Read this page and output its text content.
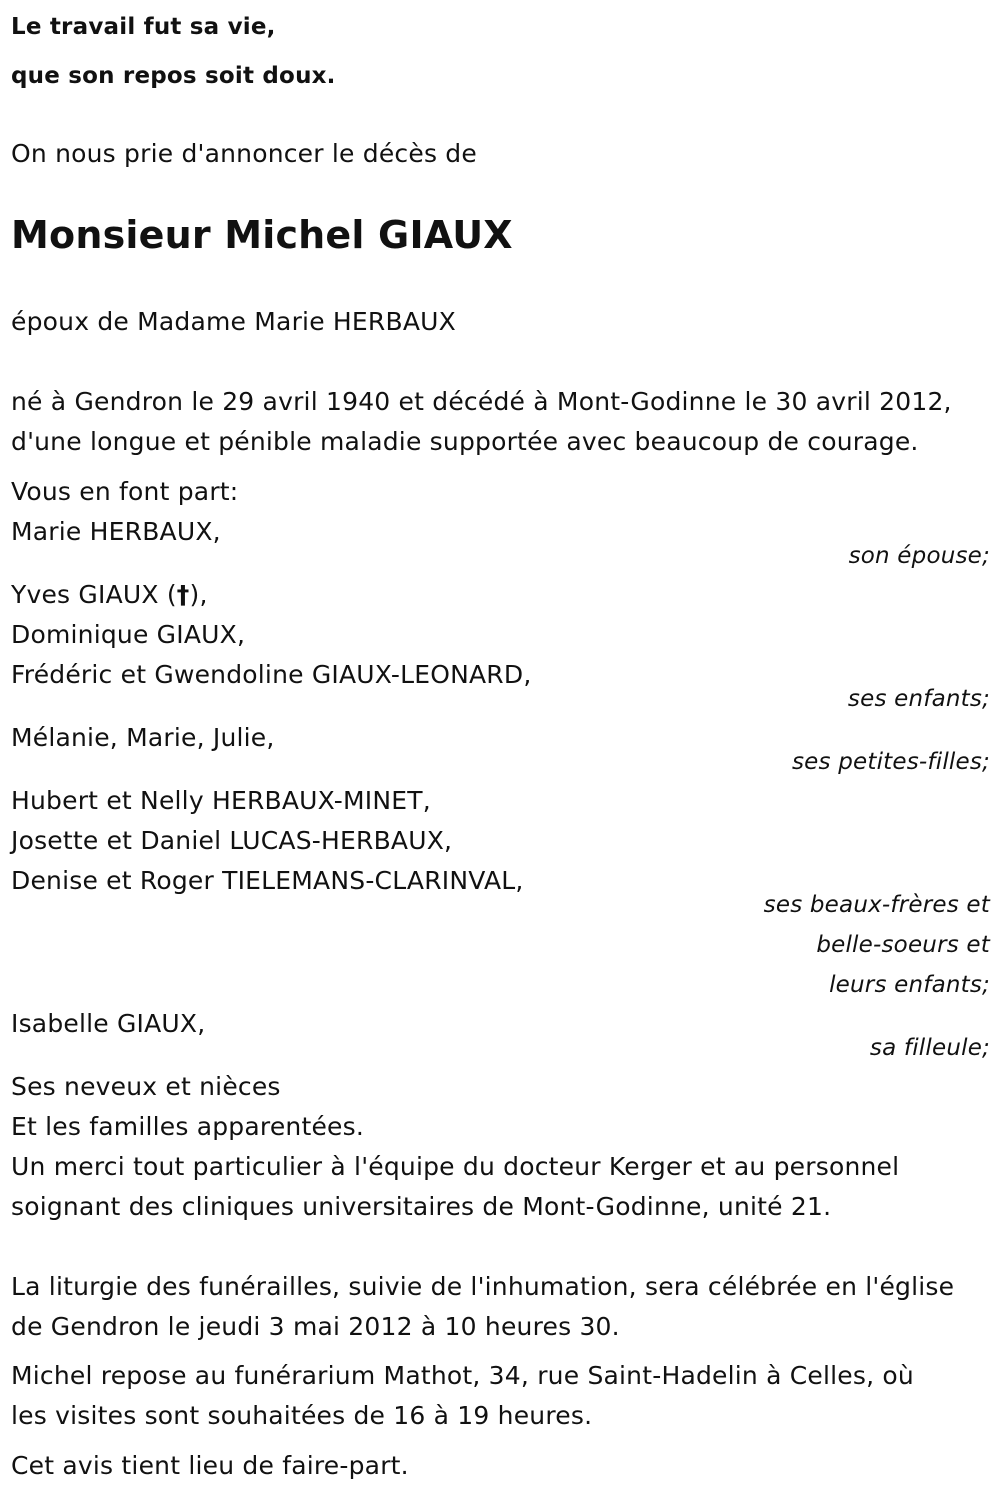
Le travail fut sa vie,
que son repos soit doux.
On nous prie d'annoncer le décès de
Monsieur Michel GIAUX
époux de Madame Marie HERBAUX
né à Gendron le 29 avril 1940 et décédé à Mont-Godinne le 30 avril 2012,
d'une longue et pénible maladie supportée avec beaucoup de courage.
Vous en font part:
Marie HERBAUX,
son épouse;
Yves GIAUX (†),
Dominique GIAUX,
Frédéric et Gwendoline GIAUX-LEONARD,
ses enfants;
Mélanie, Marie, Julie,
ses petites-filles;
Hubert et Nelly HERBAUX-MINET,
Josette et Daniel LUCAS-HERBAUX,
Denise et Roger TIELEMANS-CLARINVAL,
ses beaux-frères et
belle-soeurs et
leurs enfants;
Isabelle GIAUX,
sa filleule;
Ses neveux et nièces
Et les familles apparentées.
Un merci tout particulier à l'équipe du docteur Kerger et au personnel
soignant des cliniques universitaires de Mont-Godinne, unité 21.
La liturgie des funérailles, suivie de l'inhumation, sera célébrée en l'église
de Gendron le jeudi 3 mai 2012 à 10 heures 30.
Michel repose au funérarium Mathot, 34, rue Saint-Hadelin à Celles, où
les visites sont souhaitées de 16 à 19 heures.
Cet avis tient lieu de faire-part.
